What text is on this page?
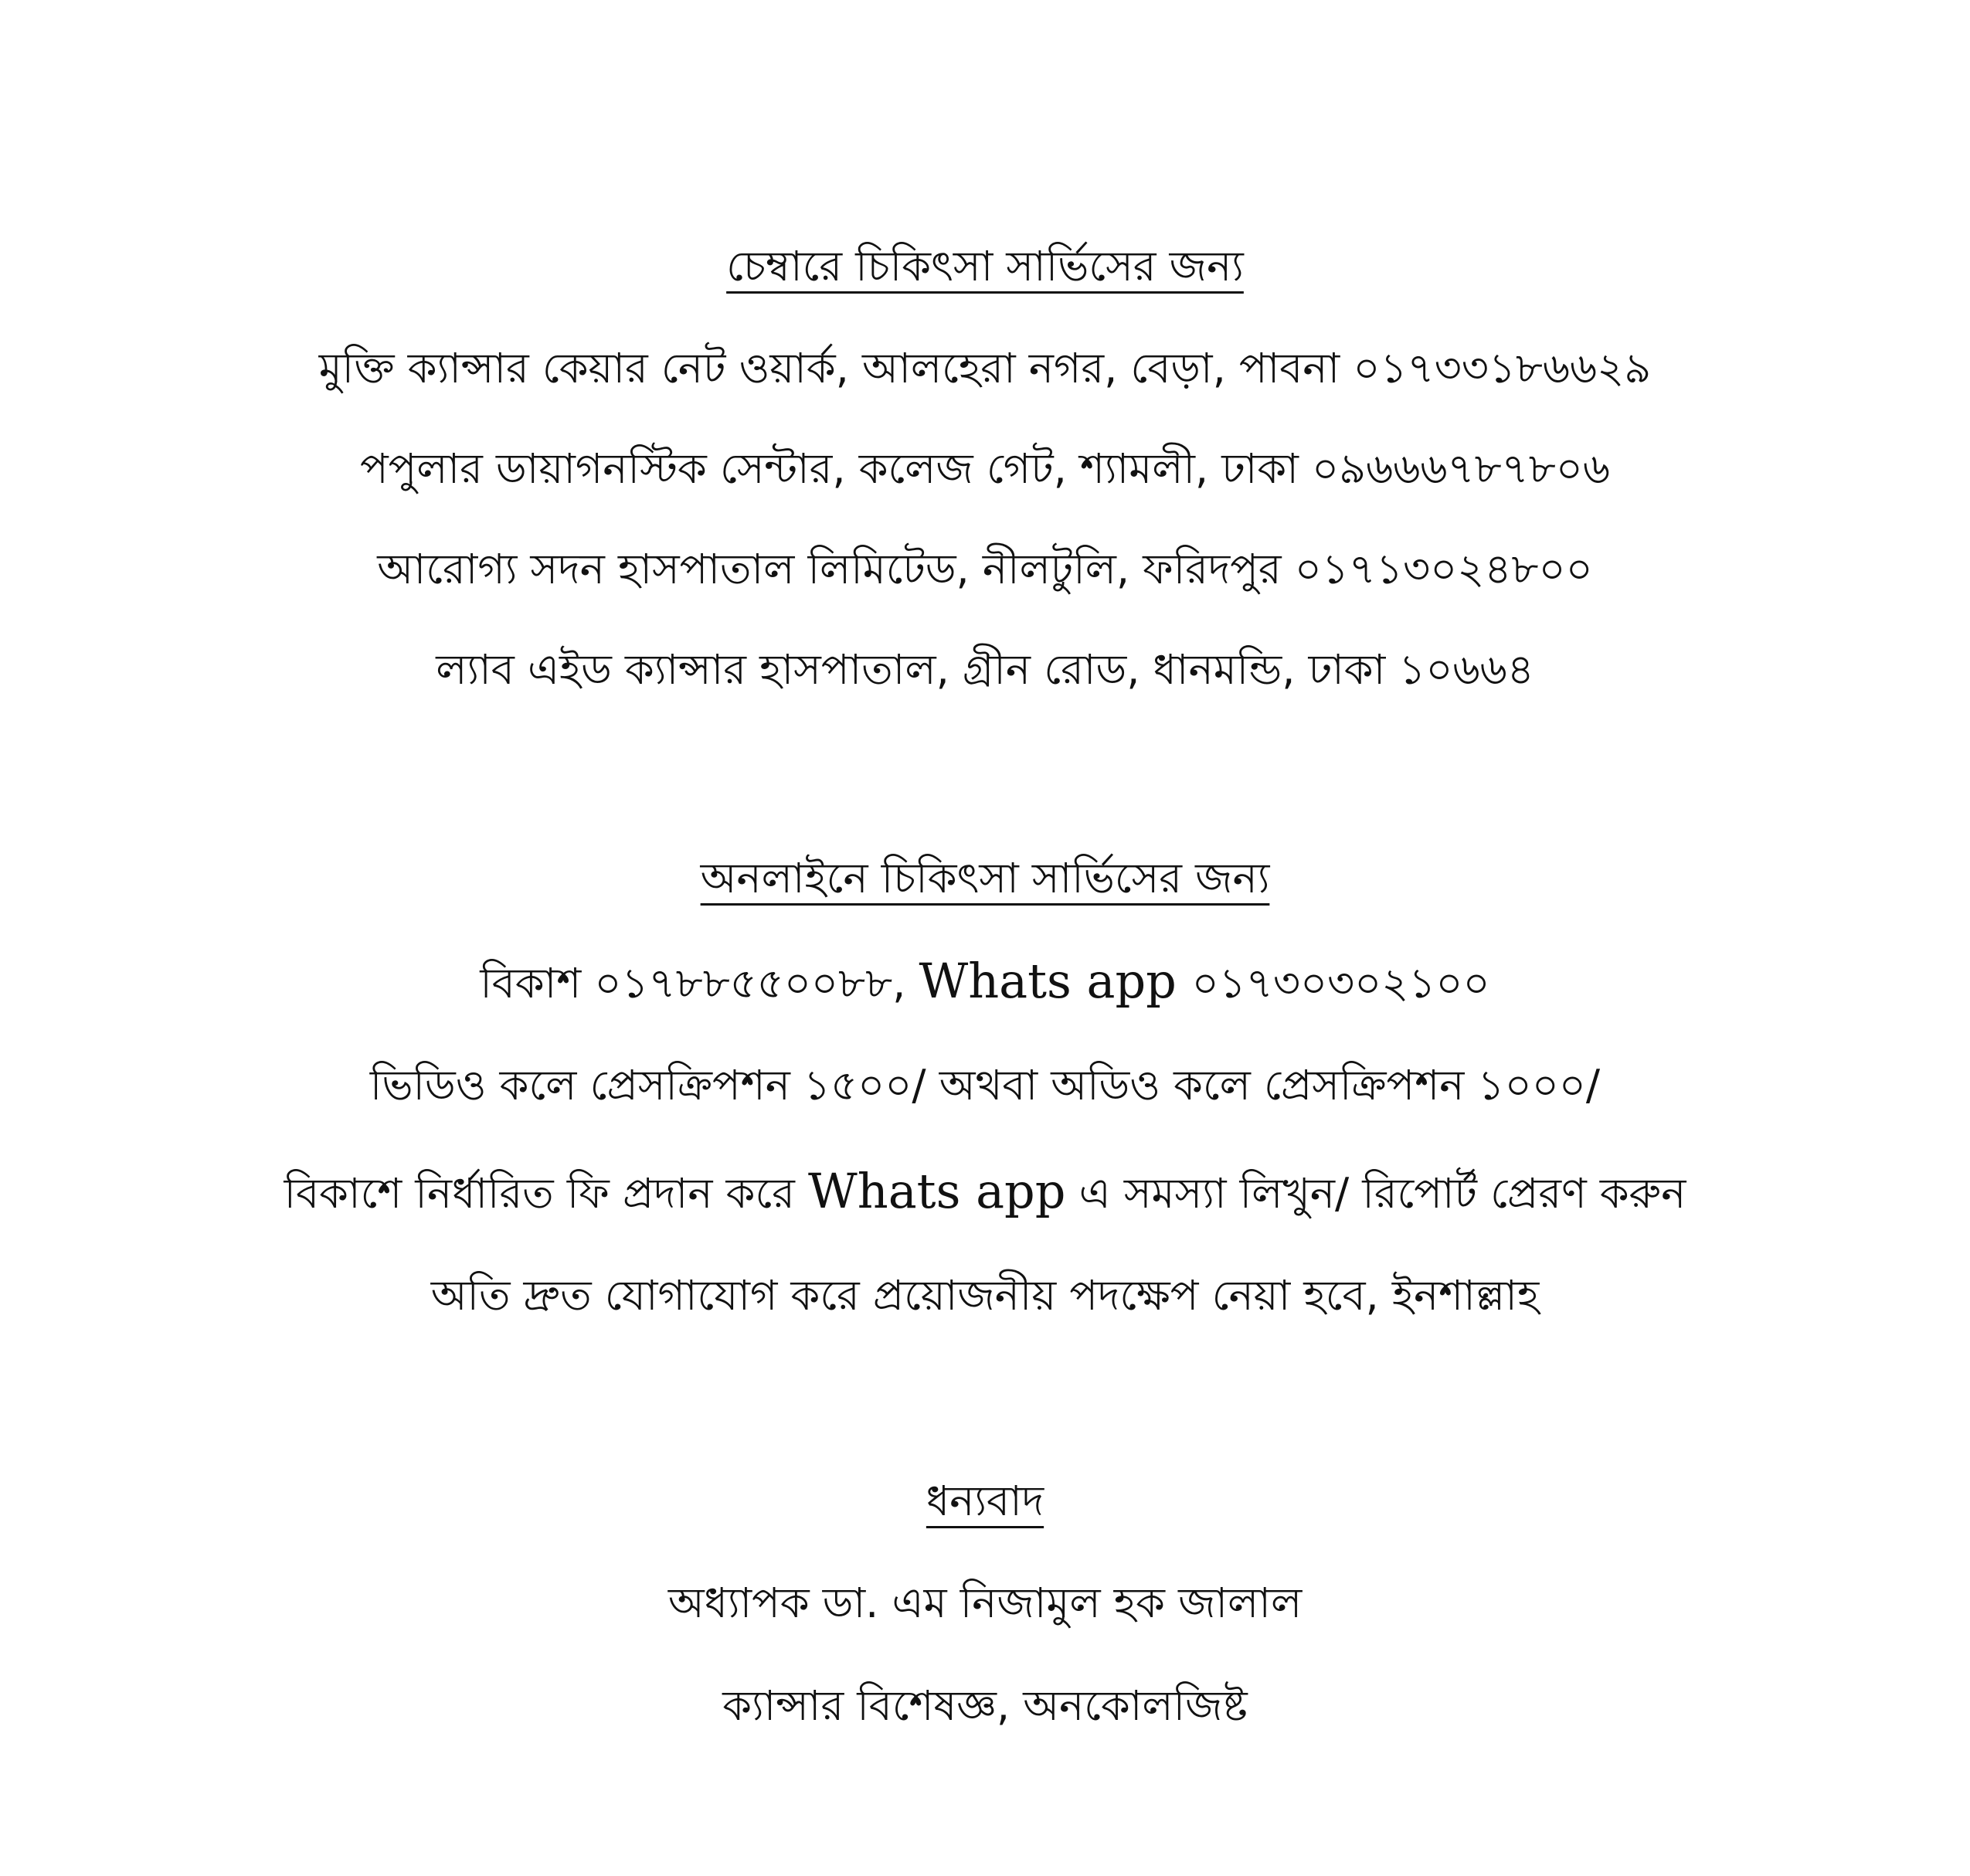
চেম্বারে চিকিৎসা সার্ভিসের জন্য
মুক্তি ক্যান্সার কেয়ার নেট ওয়ার্ক, আলহেরা নগর, বেড়া, পাবনা ০১৭৩৩১৮৬৬২৯
পপুলার ডায়াগনস্টিক সেন্টার, কলেজ গেট, শ্যামলী, ঢাকা ০৯৬৬৬৭৮৭৮০৬
আরোগ্য সদন হাসপাতাল লিমিটেড, নীলটুলি, ফরিদপুর ০১৭১৩০২৪৮০০
ল্যাব এইড ক্যান্সার হাসপাতাল, গ্রীন রোড, ধানমন্ডি, ঢাকা ১০৬৬৪
অনলাইনে চিকিৎসা সার্ভিসের জন্য
বিকাশ ০১৭৮৮৫৫০০৮৮, Whats app ০১৭৩০৩০২১০০
ভিডিও কলে প্রেসক্রিপশন ১৫০০/ অথবা অডিও কলে প্রেসক্রিপশন ১০০০/
বিকাশে নির্ধারিত ফি প্রদান করে Whats app এ সমস্যা লিখুন/ রিপোর্ট প্রেরণ করুন
অতি দ্রুত যোগাযোগ করে প্রয়োজনীয় পদক্ষেপ নেয়া হবে, ইনশাল্লাহ
ধন্যবাদ
অধ্যাপক ডা. এম নিজামুল হক জালাল
ক্যান্সার বিশেষজ্ঞ, অনকোলজিষ্ট
